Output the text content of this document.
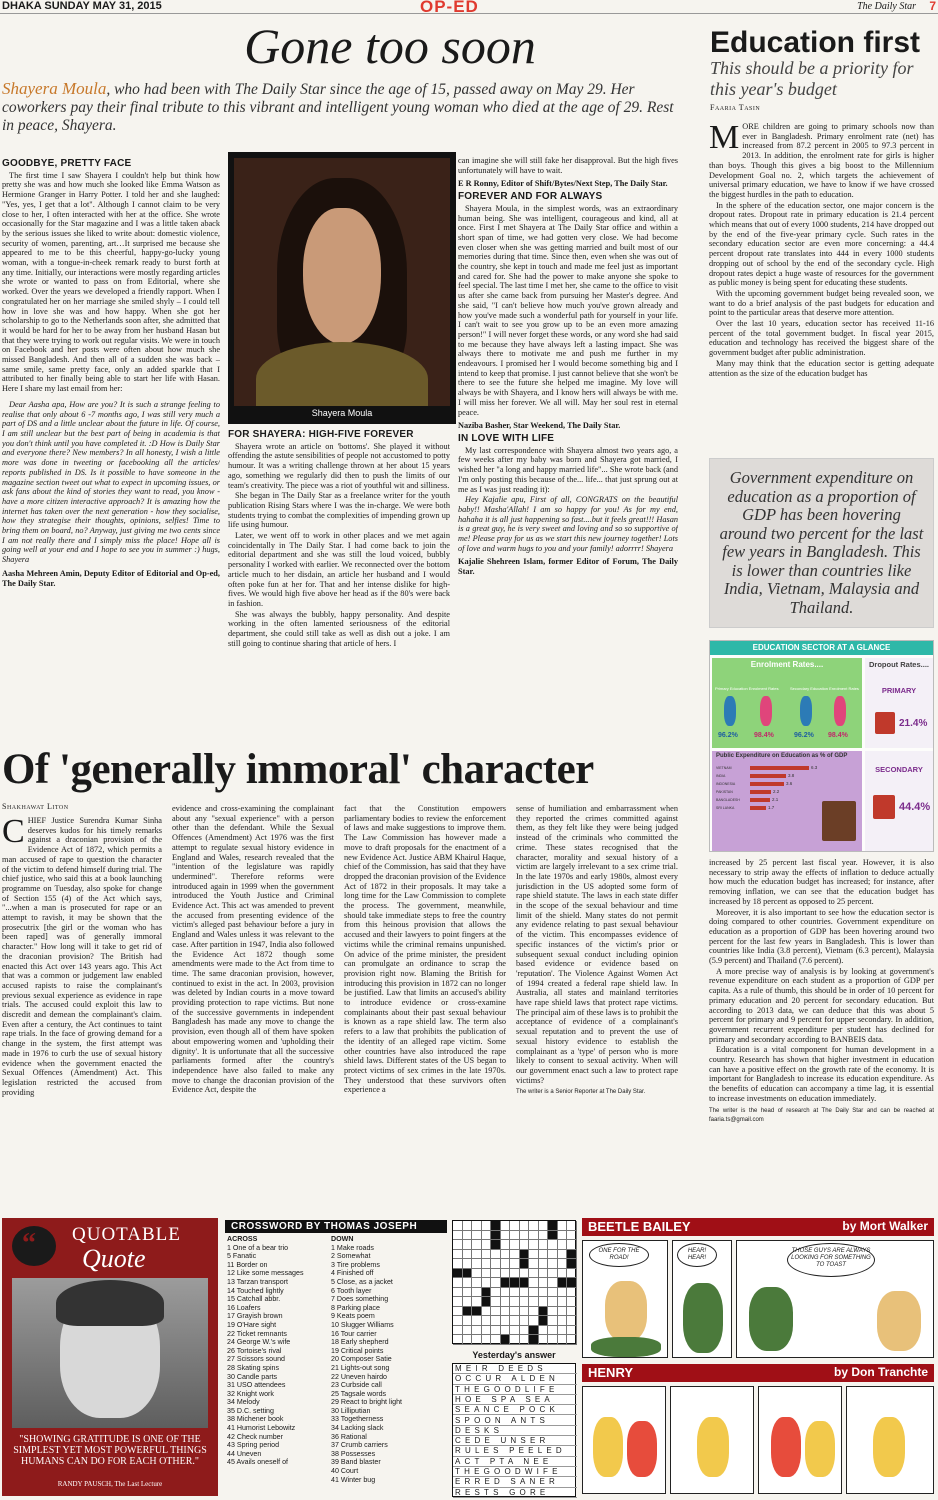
DHAKA SUNDAY MAY 31, 2015	OP-ED	The Daily Star 7
Gone too soon
Shayera Moula, who had been with The Daily Star since the age of 15, passed away on May 29. Her coworkers pay their final tribute to this vibrant and intelligent young woman who died at the age of 29. Rest in peace, Shayera.
GOODBYE, PRETTY FACE

The first time I saw Shayera I couldn't help but think how pretty she was and how much she looked like Emma Watson as Hermione Granger in Harry Potter. I told her and she laughed: "Yes, yes, I get that a lot". Although I cannot claim to be very close to her, I often interacted with her at the office. She wrote occasionally for the Star magazine and I was a little taken aback by the serious issues she liked to write about: domestic violence, security of women, parenting, art…It surprised me because she appeared to me to be this cheerful, happy-go-lucky young woman, with a tongue-in-cheek remark ready to burst forth at any time. Initially, our interactions were mostly regarding articles she wrote or wanted to pass on from Editorial, where she worked. Over the years we developed a friendly rapport. When I congratulated her on her marriage she smiled shyly – I could tell how in love she was and how happy. When she got her scholarship to go to the Netherlands soon after, she admitted that it would be hard for her to be away from her husband Hasan but that they were trying to work out regular visits. We were in touch on Facebook and her posts were often about how much she missed Bangladesh. And then all of a sudden she was back – same smile, same pretty face, only an added sparkle that I attributed to her finally being able to start her life with Hasan. Here I share my last email from her:

Dear Aasha apa, How are you? It is such a strange feeling to realise that only about 6 -7 months ago, I was still very much a part of DS and a little unclear about the future in life. Of course, I am still unclear but the best part of being in academia is that you don't think until you have completed it. :D How is Daily Star and everyone there? New members? In all honesty, I wish a little more was done in tweeting or facebooking all the articles/ reports published in DS. Is it possible to have someone in the magazine section tweet out what to expect in upcoming issues, or ask fans about the kind of stories they want to read, you know - have a more citizen interactive approach? It is amazing how the internet has taken over the next generation - how they socialise, how they strategise their thoughts, opinions, selfies! Time to bring them on board, no? Anyway, just giving me two cents since I am not really there and I simply miss the place! Hope all is going well at your end and I hope to see you in summer :) hugs, Shayera

Aasha Mehreen Amin, Deputy Editor of Editorial and Op-ed, The Daily Star.

Shayera Moula
FOR SHAYERA: HIGH-FIVE FOREVER

Shayera wrote an article on 'bottoms'. She played it without offending the astute sensibilities of people not accustomed to potty humour. It was a writing challenge thrown at her about 15 years ago, something we regularly did then to push the limits of our team's creativity. The piece was a riot of youthful wit and silliness.

She began in The Daily Star as a freelance writer for the youth publication Rising Stars where I was the in-charge. We were both students trying to combat the complexities of impending grown up life using humour.

Later, we went off to work in other places and we met again coincidentally in The Daily Star. I had come back to join the editorial department and she was still the loud voiced, bubbly personality I worked with earlier. We reconnected over the bottom article much to her disdain, an article her husband and I would often poke fun at her for. That and her intense dislike for high-fives. We would high five above her head as if the 80's were back in fashion.

She was always the bubbly, happy personality. And despite working in the often lamented seriousness of the editorial department, she could still take as well as dish out a joke. I am still going to continue sharing that article of hers. I

can imagine she will still fake her disapproval. But the high fives unfortunately will have to wait.

E R Ronny, Editor of Shift/Bytes/Next Step, The Daily Star.

FOREVER AND FOR ALWAYS

Shayera Moula, in the simplest words, was an extraordinary human being. She was intelligent, courageous and kind, all at once. First I met Shayera at The Daily Star office and within a short span of time, we had gotten very close. We had become even closer when she was getting married and built most of our memories during that time. Since then, even when she was out of the country, she kept in touch and made me feel just as important and cared for. She had the power to make anyone she spoke to feel special. The last time I met her, she came to the office to visit us after she came back from pursuing her Master's degree. And she said, "I can't believe how much you've grown already and how you've made such a wonderful path for yourself in your life. I can't wait to see you grow up to be an even more amazing person!" I will never forget these words, or any word she had said to me because they have always left a lasting impact. She was always there to motivate me and push me further in my endeavours. I promised her I would become something big and I intend to keep that promise. I just cannot believe that she won't be there to see the future she helped me imagine. My love will always be with Shayera, and I know hers will always be with me. I will miss her forever. We all will. May her soul rest in eternal peace.

Naziba Basher, Star Weekend, The Daily Star.

IN LOVE WITH LIFE

My last correspondence with Shayera almost two years ago, a few weeks after my baby was born and Shayera got married, I wished her "a long and happy married life"... She wrote back (and I'm only posting this because of the... life... that just sprung out at me as I was just reading it):

Hey Kajalie apu, First of all, CONGRATS on the beautiful baby!! Masha'Allah! I am so happy for you! As for my end, hahaha it is all just happening so fast....but it feels great!!! Hasan is a great guy, he is very sweet and loving and so so supportive of me! Please pray for us as we start this new journey together! Lots of love and warm hugs to you and your family! adorrrr! Shayera

Kajalie Shehreen Islam, former Editor of Forum, The Daily Star.

Education first
This should be a priority for this year's budget
Faaria Tasin

MORE children are going to primary schools now than ever in Bangladesh. Primary enrolment rate (net) has increased from 87.2 percent in 2005 to 97.3 percent in 2013. In addition, the enrolment rate for girls is higher than boys. Though this gives a big boost to the Millennium Development Goal no. 2, which targets the achievement of universal primary education, we have to know if we have crossed the biggest hurdles in the path to education.

In the sphere of the education sector, one major concern is the dropout rates. Dropout rate in primary education is 21.4 percent which means that out of every 1000 students, 214 have dropped out by the end of the five-year primary cycle. Such rates in the secondary education sector are even more concerning: a 44.4 percent dropout rate translates into 444 in every 1000 students dropping out of school by the end of the secondary cycle. High dropout rates depict a huge waste of resources for the government as public money is being spent for educating these students.

With the upcoming government budget being revealed soon, we want to do a brief analysis of the past budgets for education and point to the particular areas that deserve more attention.

Over the last 10 years, education sector has received 11-16 percent of the total government budget. In fiscal year 2015, education and technology has received the biggest share of the government budget after public administration.

Many may think that the education sector is getting adequate attention as the size of the education budget has

Government expenditure on education as a proportion of GDP has been hovering around two percent for the last few years in Bangladesh. This is lower than countries like India, Vietnam, Malaysia and Thailand.
EDUCATION SECTOR AT A GLANCE
Enrolment Rates....
Primary Education Enrolment Rates	Secondary Education Enrolment Rates
96.2% 98.4%	96.2% 98.4%
Dropout Rates....
PRIMARY
21.4%
Public Expenditure on Education as % of GDP
VIETNAM	6.3
INDIA	3.8
INDONESIA	3.6
PAKISTAN	2.2
BANGLADESH	2.1
SRI LANKA	1.7
SECONDARY
44.4%

increased by 25 percent last fiscal year. However, it is also necessary to strip away the effects of inflation to deduce actually how much the education budget has increased; for instance, after removing inflation, we can see that the education budget has increased by 18 percent as opposed to 25 percent.

Moreover, it is also important to see how the education sector is doing compared to other countries. Government expenditure on education as a proportion of GDP has been hovering around two percent for the last few years in Bangladesh. This is lower than countries like India (3.8 percent), Vietnam (6.3 percent), Malaysia (5.9 percent) and Thailand (7.6 percent).

A more precise way of analysis is by looking at government's revenue expenditure on each student as a proportion of GDP per capita. As a rule of thumb, this should be in order of 10 percent for primary education and 20 percent for secondary education. But according to 2013 data, we can deduce that this was about 5 percent for primary and 9 percent for upper secondary. In addition, government recurrent expenditure per student has declined for primary and secondary according to BANBEIS data.

Education is a vital component for human development in a country. Research has shown that higher investment in education can have a positive effect on the growth rate of the economy. It is important for Bangladesh to increase its education expenditure. As the benefits of education can accompany a time lag, it is essential to increase investments on education immediately.

The writer is the head of research at The Daily Star and can be reached at faaria.ts@gmail.com

Of 'generally immoral' character
Shakhawat Liton

CHIEF Justice Surendra Kumar Sinha deserves kudos for his timely remarks against a draconian provision of the Evidence Act of 1872, which permits a man accused of rape to question the character of the victim to defend himself during trial. The chief justice, who said this at a book launching programme on Tuesday, also spoke for change of Section 155 (4) of the Act which says, "...when a man is prosecuted for rape or an attempt to ravish, it may be shown that the prosecutrix [the girl or the woman who has been raped] was of generally immoral character." How long will it take to get rid of the draconian provision? The British had enacted this Act over 143 years ago. This Act that was a common or judgement law enabled accused rapists to raise the complainant's previous sexual experience as evidence in rape trials. The accused could exploit this law to discredit and demean the complainant's claim. Even after a century, the Act continues to taint rape trials. In the face of growing demand for a change in the system, the first attempt was made in 1976 to curb the use of sexual history evidence when the government enacted the Sexual Offences (Amendment) Act. This legislation restricted the accused from providing

evidence and cross-examining the complainant about any "sexual experience" with a person other than the defendant. While the Sexual Offences (Amendment) Act 1976 was the first attempt to regulate sexual history evidence in England and Wales, research revealed that the "intention of the legislature was rapidly undermined". Therefore reforms were introduced again in 1999 when the government introduced the Youth Justice and Criminal Evidence Act. This act was amended to prevent the accused from presenting evidence of the victim's alleged past behaviour before a jury in England and Wales unless it was relevant to the case. After partition in 1947, India also followed the Evidence Act 1872 though some amendments were made to the Act from time to time. The same draconian provision, however, continued to exist in the act. In 2003, provision was deleted by Indian courts in a move toward providing protection to rape victims. But none of the successive governments in independent Bangladesh has made any move to change the provision, even though all of them have spoken about empowering women and 'upholding their dignity'. It is unfortunate that all the successive parliaments formed after the country's independence have also failed to make any move to change the draconian provision of the Evidence Act, despite the

fact that the Constitution empowers parliamentary bodies to review the enforcement of laws and make suggestions to improve them. The Law Commission has however made a move to draft proposals for the enactment of a new Evidence Act. Justice ABM Khairul Haque, chief of the Commission, has said that they have dropped the draconian provision of the Evidence Act of 1872 in their proposals. It may take a long time for the Law Commission to complete the process. The government, meanwhile, should take immediate steps to free the country from this heinous provision that allows the accused and their lawyers to point fingers at the victims while the criminal remains unpunished. On advice of the prime minister, the president can promulgate an ordinance to scrap the provision right now. Blaming the British for introducing this provision in 1872 can no longer be justified. Law that limits an accused's ability to introduce evidence or cross-examine complainants about their past sexual behaviour is known as a rape shield law. The term also refers to a law that prohibits the publication of the identity of an alleged rape victim. Some other countries have also introduced the rape shield laws. Different states of the US began to protect victims of sex crimes in the late 1970s. They understood that these survivors often experience a

sense of humiliation and embarrassment when they reported the crimes committed against them, as they felt like they were being judged instead of the criminals who committed the crime. These states recognised that the character, morality and sexual history of a victim are largely irrelevant to a sex crime trial. In the late 1970s and early 1980s, almost every jurisdiction in the US adopted some form of rape shield statute. The laws in each state differ in the scope of the sexual behaviour and time limit of the shield. Many states do not permit any evidence relating to past sexual behaviour of the victim. This encompasses evidence of specific instances of the victim's prior or subsequent sexual conduct including opinion based evidence or evidence based on 'reputation'. The Violence Against Women Act of 1994 created a federal rape shield law. In Australia, all states and mainland territories have rape shield laws that protect rape victims. The principal aim of these laws is to prohibit the acceptance of evidence of a complainant's sexual reputation and to prevent the use of sexual history evidence to establish the complainant as a 'type' of person who is more likely to consent to sexual activity. When will our government enact such a law to protect rape victims?

The writer is a Senior Reporter at The Daily Star.

“ QUOTABLE
Quote
"SHOWING GRATITUDE IS ONE OF THE SIMPLEST YET MOST POWERFUL THINGS HUMANS CAN DO FOR EACH OTHER."
RANDY PAUSCH, The Last Lecture
CROSSWORD BY THOMAS JOSEPH
ACROSS
1 One of a bear trio
5 Fanatic
11 Border on
12 Like some messages
13 Tarzan transport
14 Touched lightly
15 Catchall abbr.
16 Loafers
17 Grayish brown
19 O'Hare sight
22 Ticket remnants
24 George W.'s wife
26 Tortoise's rival
27 Scissors sound
28 Skating spins
30 Candle parts
31 USO attendees
32 Knight work
34 Melody
35 D.C. setting
38 Michener book
41 Humorist Lebowitz
42 Check number
43 Spring period
44 Uneven
45 Avails oneself of
DOWN
1 Make roads
2 Somewhat
3 Tire problems
4 Finished off
5 Close, as a jacket
6 Tooth layer
7 Does something
8 Parking place
9 Keats poem
10 Slugger Williams
16 Tour carrier
18 Early shepherd
19 Critical points
20 Composer Satie
21 Lights-out song
22 Uneven hairdo
23 Curbside call
25 Tagsale words
29 React to bright light
30 Lilliputian
33 Togetherness
34 Lacking slack
36 Rational
37 Crumb carriers
38 Possesses
39 Band blaster
40 Court
41 Winter bug
Yesterday's answer
MEIR DEEDS
OCCUR ALDEN
THEGOODLIFE
HOE SPA SEA
SEANCE POCK
SPOON ANTS
DESKS
CEDE UNSER
RULES PEELED
ACT PTA NEE
THEGOODWIFE
ERRED SANER
RESTS GORE
BEETLE BAILEY	by Mort Walker
ONE FOR THE ROAD!
HEAR! HEAR!
THOSE GUYS ARE ALWAYS LOOKING FOR SOMETHING TO TOAST
HENRY	by Don Tranchte
